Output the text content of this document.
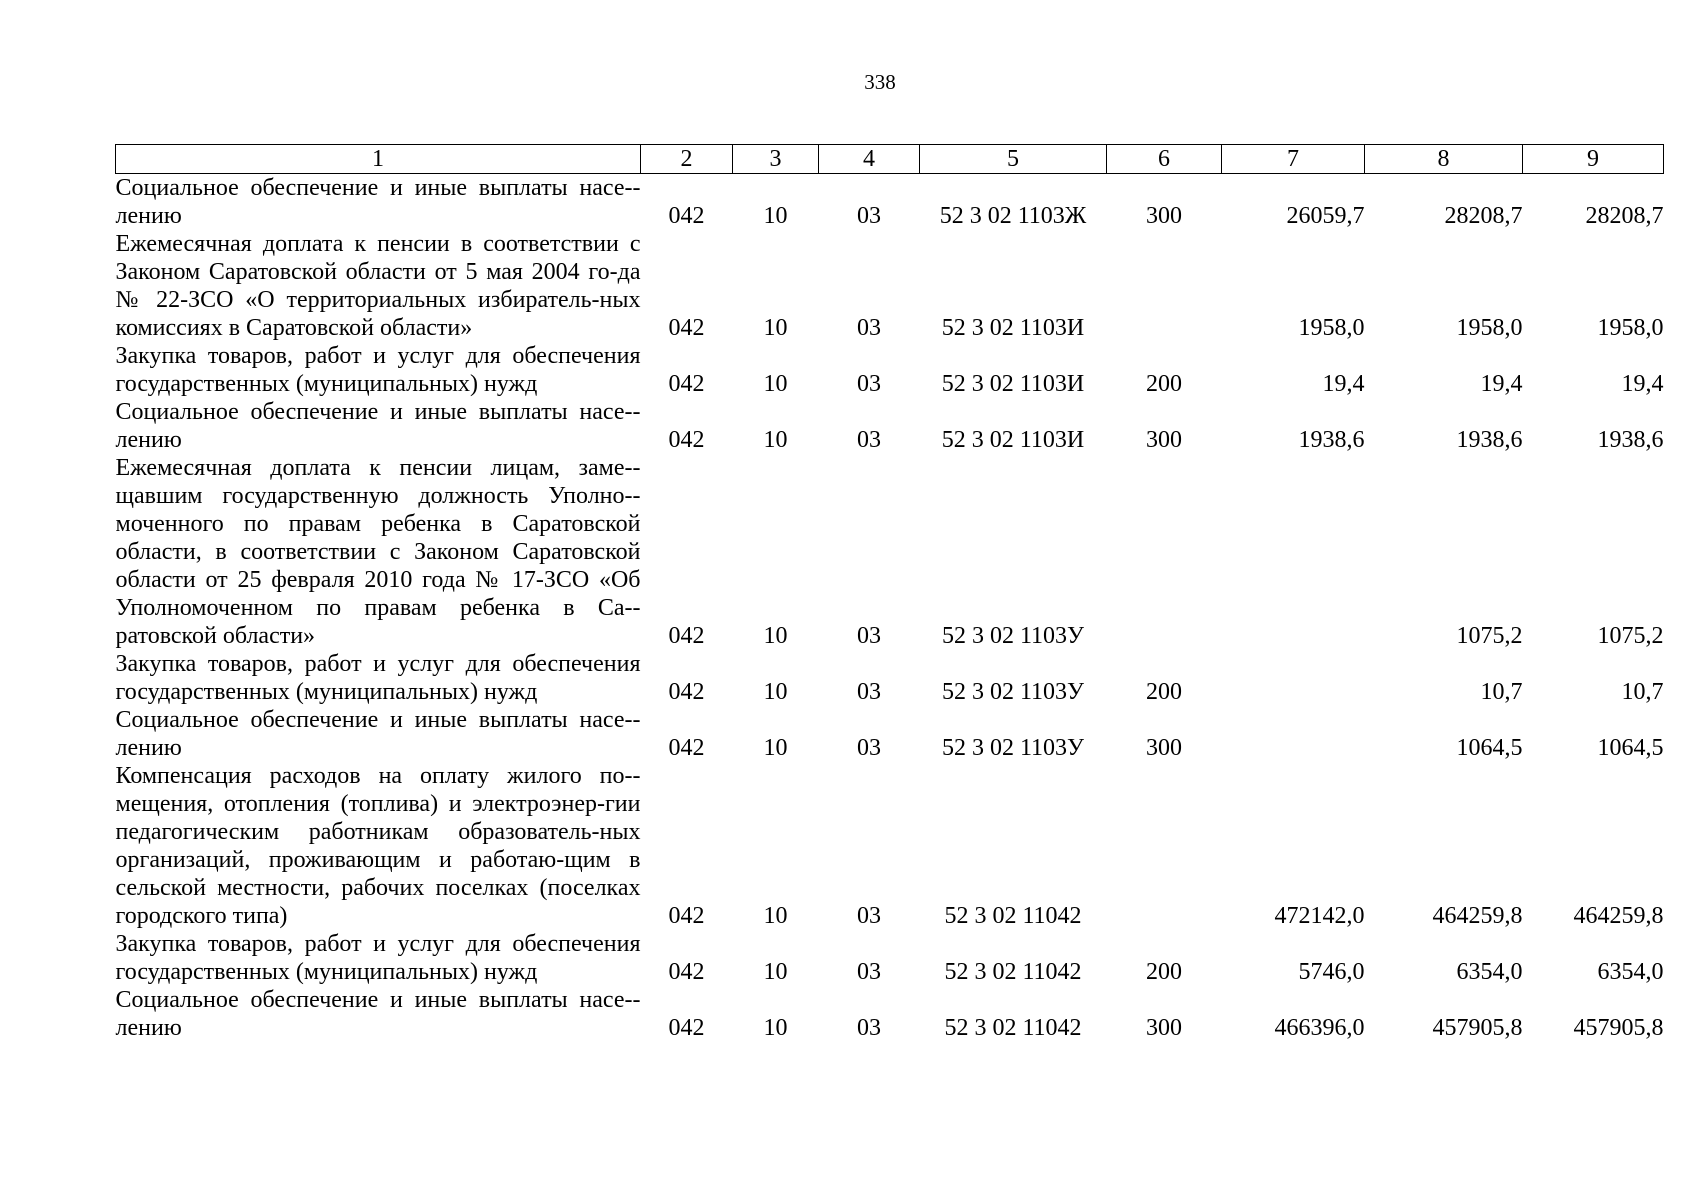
338
1	2	3	4	5	6	7	8	9
Социальное обеспечение и иные выплаты насе-лению	042	10	03	52 3 02 1103Ж	300	26059,7	28208,7	28208,7
Ежемесячная доплата к пенсии в соответствии с Законом Саратовской области от 5 мая 2004 го-да № 22-ЗСО «О территориальных избиратель-ных комиссиях в Саратовской области»	042	10	03	52 3 02 1103И		1958,0	1958,0	1958,0
Закупка товаров, работ и услуг для обеспечения государственных (муниципальных) нужд	042	10	03	52 3 02 1103И	200	19,4	19,4	19,4
Социальное обеспечение и иные выплаты насе-лению	042	10	03	52 3 02 1103И	300	1938,6	1938,6	1938,6
Ежемесячная доплата к пенсии лицам, заме-щавшим государственную должность Уполно-моченного по правам ребенка в Саратовской области, в соответствии с Законом Саратовской области от 25 февраля 2010 года № 17-ЗСО «Об Уполномоченном по правам ребенка в Са-ратовской области»	042	10	03	52 3 02 1103У			1075,2	1075,2
Закупка товаров, работ и услуг для обеспечения государственных (муниципальных) нужд	042	10	03	52 3 02 1103У	200		10,7	10,7
Социальное обеспечение и иные выплаты насе-лению	042	10	03	52 3 02 1103У	300		1064,5	1064,5
Компенсация расходов на оплату жилого по-мещения, отопления (топлива) и электроэнер-гии педагогическим работникам образователь-ных организаций, проживающим и работаю-щим в сельской местности, рабочих поселках (поселках городского типа)	042	10	03	52 3 02 11042		472142,0	464259,8	464259,8
Закупка товаров, работ и услуг для обеспечения государственных (муниципальных) нужд	042	10	03	52 3 02 11042	200	5746,0	6354,0	6354,0
Социальное обеспечение и иные выплаты насе-лению	042	10	03	52 3 02 11042	300	466396,0	457905,8	457905,8
